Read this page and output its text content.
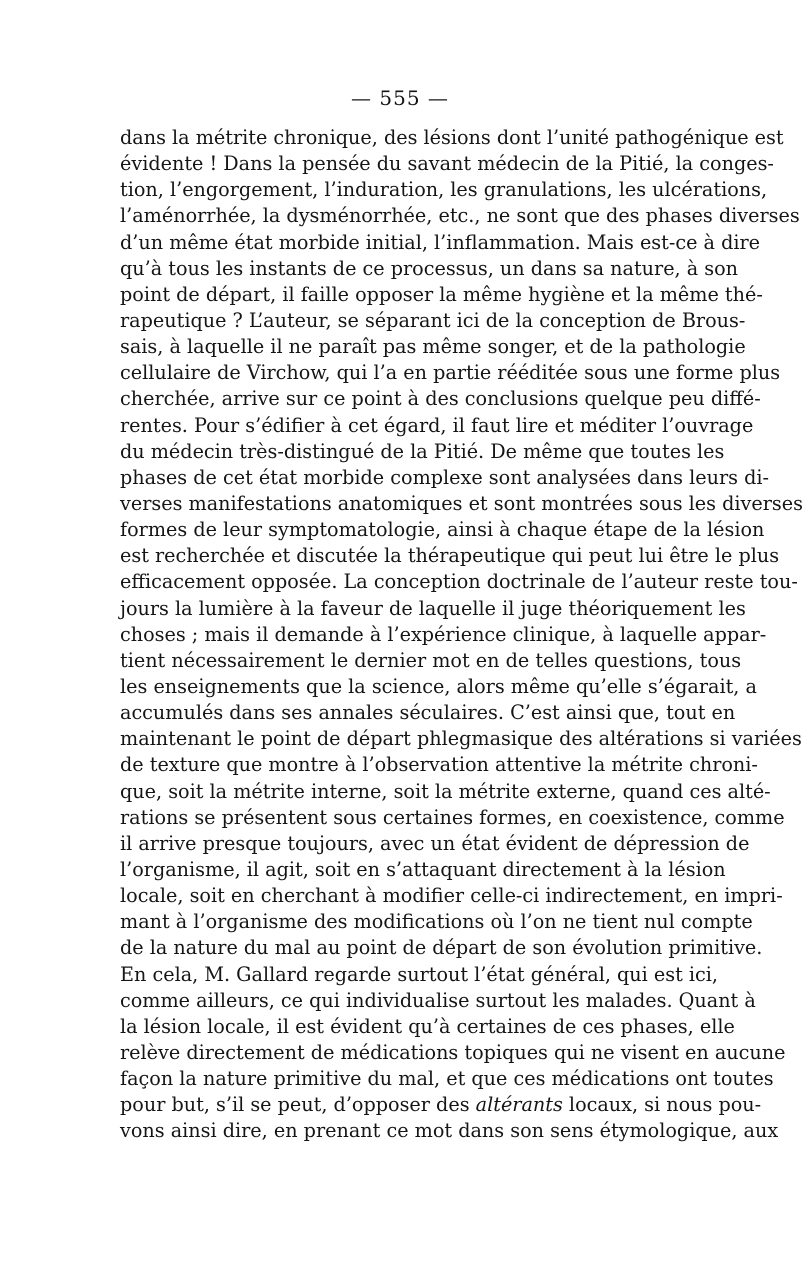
— 555 —
dans la métrite chronique, des lésions dont l’unité pathogénique est
évidente ! Dans la pensée du savant médecin de la Pitié, la conges-
tion, l’engorgement, l’induration, les granulations, les ulcérations,
l’aménorrhée, la dysménorrhée, etc., ne sont que des phases diverses
d’un même état morbide initial, l’inflammation. Mais est-ce à dire
qu’à tous les instants de ce processus, un dans sa nature, à son
point de départ, il faille opposer la même hygiène et la même thé-
rapeutique ? L’auteur, se séparant ici de la conception de Brous-
sais, à laquelle il ne paraît pas même songer, et de la pathologie
cellulaire de Virchow, qui l’a en partie rééditée sous une forme plus
cherchée, arrive sur ce point à des conclusions quelque peu diffé-
rentes. Pour s’édifier à cet égard, il faut lire et méditer l’ouvrage
du médecin très-distingué de la Pitié. De même que toutes les
phases de cet état morbide complexe sont analysées dans leurs di-
verses manifestations anatomiques et sont montrées sous les diverses
formes de leur symptomatologie, ainsi à chaque étape de la lésion
est recherchée et discutée la thérapeutique qui peut lui être le plus
efficacement opposée. La conception doctrinale de l’auteur reste tou-
jours la lumière à la faveur de laquelle il juge théoriquement les
choses ; mais il demande à l’expérience clinique, à laquelle appar-
tient nécessairement le dernier mot en de telles questions, tous
les enseignements que la science, alors même qu’elle s’égarait, a
accumulés dans ses annales séculaires. C’est ainsi que, tout en
maintenant le point de départ phlegmasique des altérations si variées
de texture que montre à l’observation attentive la métrite chroni-
que, soit la métrite interne, soit la métrite externe, quand ces alté-
rations se présentent sous certaines formes, en coexistence, comme
il arrive presque toujours, avec un état évident de dépression de
l’organisme, il agit, soit en s’attaquant directement à la lésion
locale, soit en cherchant à modifier celle-ci indirectement, en impri-
mant à l’organisme des modifications où l’on ne tient nul compte
de la nature du mal au point de départ de son évolution primitive.
En cela, M. Gallard regarde surtout l’état général, qui est ici,
comme ailleurs, ce qui individualise surtout les malades. Quant à
la lésion locale, il est évident qu’à certaines de ces phases, elle
relève directement de médications topiques qui ne visent en aucune
façon la nature primitive du mal, et que ces médications ont toutes
pour but, s’il se peut, d’opposer des altérants locaux, si nous pou-
vons ainsi dire, en prenant ce mot dans son sens étymologique, aux
